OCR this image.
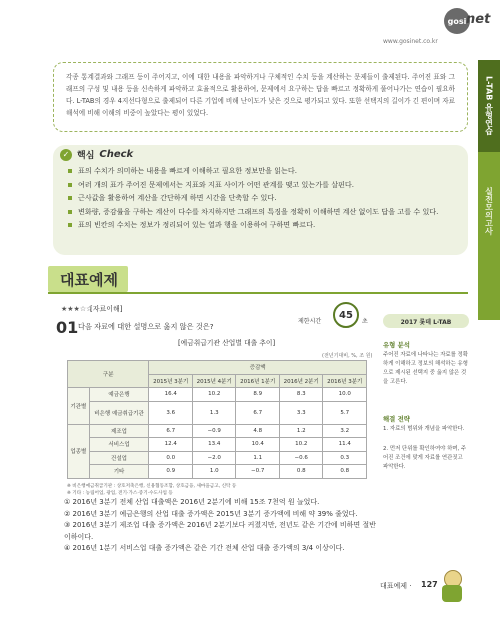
gosi net
www.gosinet.co.kr
L-TAB 유형연습
실전모의고사
각종 통계결과와 그래프 등이 주어지고, 이에 대한 내용을 파악하거나 구체적인 수치 등을 계산하는 문제들이 출제된다. 주어진 표와 그래프의 구성 및 내용 등을 신속하게 파악하고 효율적으로 활용하여, 문제에서 요구하는 답을 빠르고 정확하게 풀어나가는 연습이 필요하다. L-TAB의 경우 4지선다형으로 출제되어 다른 기업에 비해 난이도가 낮은 것으로 평가되고 있다. 또한 선택지의 길이가 긴 편이며 자료해석에 비해 이해의 비중이 높았다는 평이 있었다.
✓ 핵심 Check
표의 수치가 의미하는 내용을 빠르게 이해하고 필요한 정보만을 읽는다.
여러 개의 표가 주어진 문제에서는 지표와 지표 사이가 어떤 관계를 맺고 있는가를 살핀다.
근사값을 활용하여 계산을 간단하게 하면 시간을 단축할 수 있다.
변화량, 증감률을 구하는 계산이 다수를 차지하지만 그래프의 특징을 정확히 이해하면 계산 없이도 답을 고를 수 있다.
표의 빈칸의 수치는 정보가 정리되어 있는 열과 행을 이용하여 구하면 빠르다.
대표예제
★★★☆☆
[자료이해]
01 다음 자료에 대한 설명으로 옳지 않은 것은?
제한시간
45
초
[예금취급기관 산업별 대출 추이]
(전년기대비, %, 조 원)
구분		증감액				
		2015년 3분기	2015년 4분기	2016년 1분기	2016년 2분기	2016년 3분기
기관별	예금은행	16.4	10.2	8.9	8.3	10.0
	비은행 예금취급기관	3.6	1.3	6.7	3.3	5.7
업종별	제조업	6.7	−0.9	4.8	1.2	3.2
	서비스업	12.4	13.4	10.4	10.2	11.4
	건설업	0.0	−2.0	1.1	−0.6	0.3
	기타	0.9	1.0	−0.7	0.8	0.8
※ 비은행예금취급기관 : 상호저축은행, 신용협동조합, 상호금융, 새마을금고, 신탁 등
※ 기타 : 농림어업, 광업, 전기·가스·증기·수도사업 등

① 2016년 3분기 전체 산업 대출액은 2016년 2분기에 비해 15조 7천억 원 늘었다.

② 2016년 3분기 예금은행의 산업 대출 증가액은 2015년 3분기 증가액에 비해 약 39% 줄었다.

③ 2016년 3분기 제조업 대출 증가액은 2016년 2분기보다 커졌지만, 전년도 같은 기간에 비하면 절반 이하이다.

④ 2016년 1분기 서비스업 대출 증가액은 같은 기간 전체 산업 대출 증가액의 3/4 이상이다.

2017 롯데 L-TAB
유형 분석
주어진 자료에 나타나는 자료를 정확하게 이해하고 정보의 해석하는 유형으로 제시된 선택지 중 옳지 않은 것을 고른다.
해결 전략
1. 자료의 범위와 개념을 파악한다.
2. 먼저 단위를 확인하여야 하며, 주어진 조건에 맞게 자료를 연관짓고 파악한다.
대표예제 · 127
